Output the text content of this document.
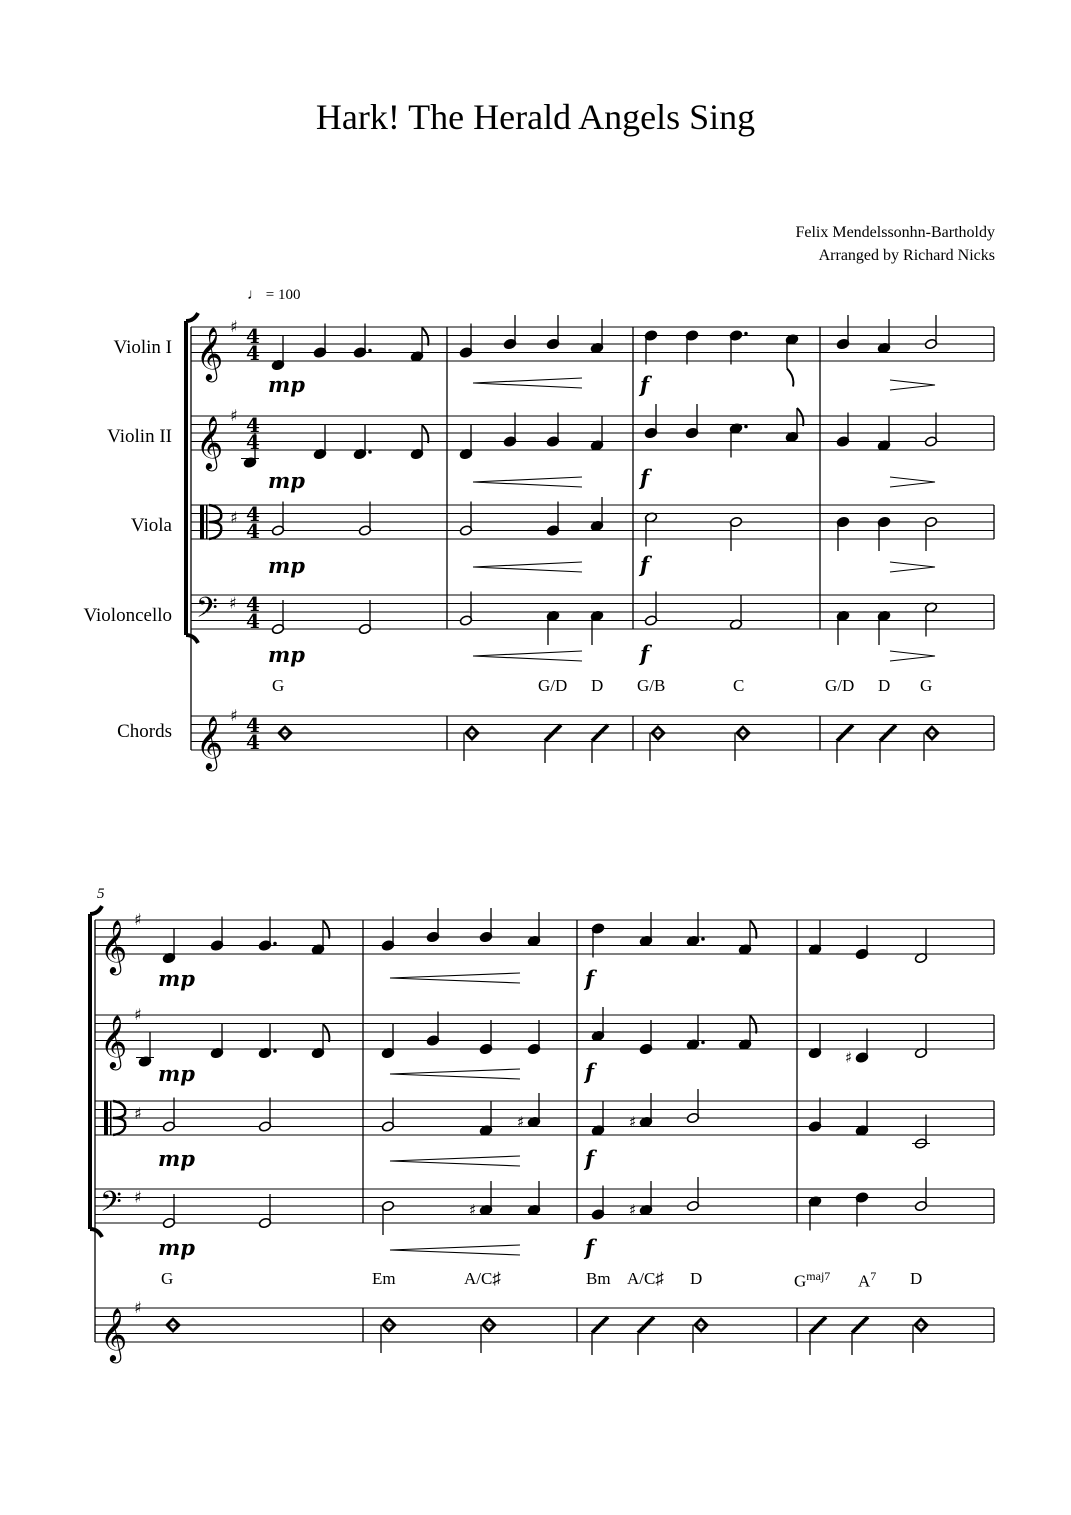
𝄞 ♯ 4
4
𝄞 ♯ 4
4
♯ 4
4
𝄢 ♯ 4
4
𝄞 ♯ 4
4
𝄞 ♯
𝄞 ♯
♯
𝄢 ♯
𝄞 ♯
♯
♯	♯
♯	♯
Hark! The Herald Angels Sing
Felix Mendelssonhn-Bartholdy
Arranged by Richard Nicks
♩ = 100
Violin I
Violin II
Viola
Violoncello
Chords
5
mp	f
mp	f
mp	f
mp	f
mp	f
mp	f
mp	f
mp	f
G	G/D D G/B	C	G/D D G
G	Em	A/C♯	Bm A/C♯ D	$G^{maj7}$ $A^7$ D
